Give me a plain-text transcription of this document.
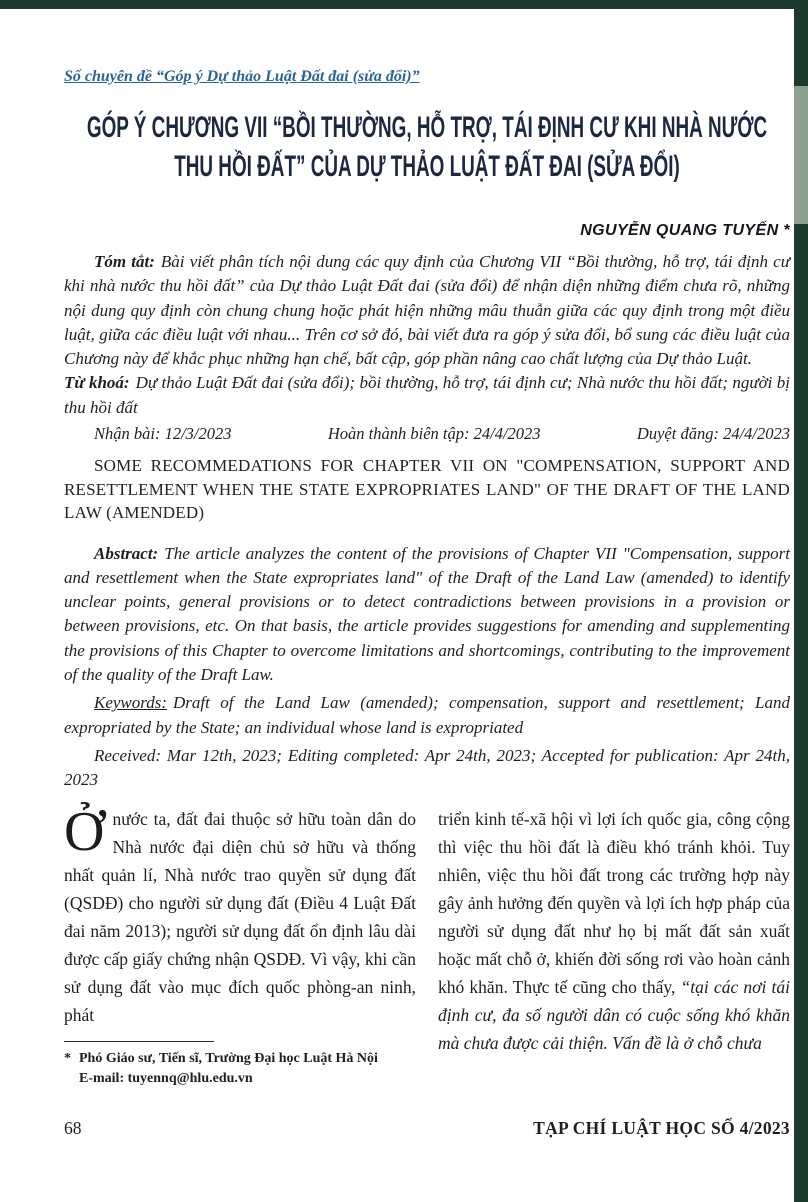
Số chuyên đề “Góp ý Dự thảo Luật Đất đai (sửa đổi)”
GÓP Ý CHƯƠNG VII “BỒI THƯỜNG, HỖ TRỢ, TÁI ĐỊNH CƯ KHI NHÀ NƯỚC
THU HỒI ĐẤT” CỦA DỰ THẢO LUẬT ĐẤT ĐAI (SỬA ĐỔI)
NGUYỄN QUANG TUYẾN *

Tóm tắt: Bài viết phân tích nội dung các quy định của Chương VII “Bồi thường, hỗ trợ, tái định cư khi nhà nước thu hồi đất” của Dự thảo Luật Đất đai (sửa đổi) để nhận diện những điểm chưa rõ, những nội dung quy định còn chung chung hoặc phát hiện những mâu thuẫn giữa các quy định trong một điều luật, giữa các điều luật với nhau... Trên cơ sở đó, bài viết đưa ra góp ý sửa đổi, bổ sung các điều luật của Chương này để khắc phục những hạn chế, bất cập, góp phần nâng cao chất lượng của Dự thảo Luật.

Từ khoá: Dự thảo Luật Đất đai (sửa đổi); bồi thường, hỗ trợ, tái định cư; Nhà nước thu hồi đất; người bị thu hồi đất

Nhận bài: 12/3/2023	Hoàn thành biên tập: 24/4/2023	Duyệt đăng: 24/4/2023

SOME RECOMMEDATIONS FOR CHAPTER VII ON "COMPENSATION, SUPPORT AND RESETTLEMENT WHEN THE STATE EXPROPRIATES LAND" OF THE DRAFT OF THE LAND LAW (AMENDED)

Abstract: The article analyzes the content of the provisions of Chapter VII "Compensation, support and resettlement when the State expropriates land" of the Draft of the Land Law (amended) to identify unclear points, general provisions or to detect contradictions between provisions in a provision or between provisions, etc. On that basis, the article provides suggestions for amending and supplementing the provisions of this Chapter to overcome limitations and shortcomings, contributing to the improvement of the quality of the Draft Law.

Keywords: Draft of the Land Law (amended); compensation, support and resettlement; Land expropriated by the State; an individual whose land is expropriated

Received: Mar 12th, 2023; Editing completed: Apr 24th, 2023; Accepted for publication: Apr 24th, 2023

Ởnước ta, đất đai thuộc sở hữu toàn dân do Nhà nước đại diện chủ sở hữu và thống nhất quản lí, Nhà nước trao quyền sử dụng đất (QSDĐ) cho người sử dụng đất (Điều 4 Luật Đất đai năm 2013); người sử dụng đất ổn định lâu dài được cấp giấy chứng nhận QSDĐ. Vì vậy, khi cần sử dụng đất vào mục đích quốc phòng-an ninh, phát

* Phó Giáo sư, Tiến sĩ, Trường Đại học Luật Hà Nội
E-mail: tuyennq@hlu.edu.vn

triển kinh tế-xã hội vì lợi ích quốc gia, công cộng thì việc thu hồi đất là điều khó tránh khỏi. Tuy nhiên, việc thu hồi đất trong các trường hợp này gây ảnh hưởng đến quyền và lợi ích hợp pháp của người sử dụng đất như họ bị mất đất sản xuất hoặc mất chỗ ở, khiến đời sống rơi vào hoàn cảnh khó khăn. Thực tế cũng cho thấy, “tại các nơi tái định cư, đa số người dân có cuộc sống khó khăn mà chưa được cải thiện. Vấn đề là ở chỗ chưa

68	TẠP CHÍ LUẬT HỌC SỐ 4/2023
